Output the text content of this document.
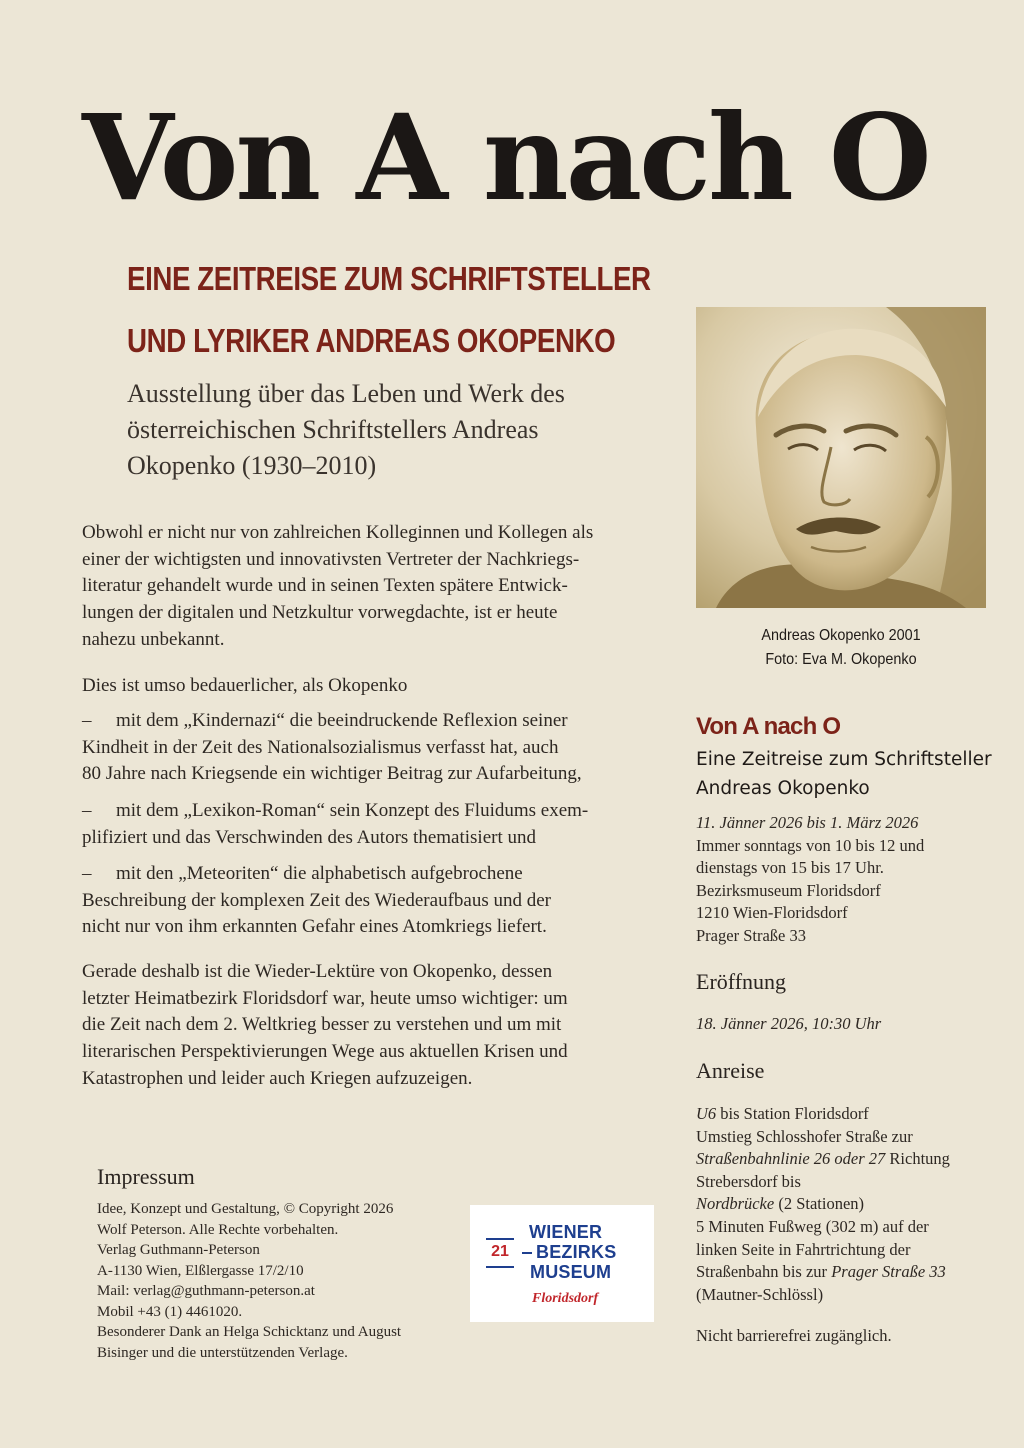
Von A nach O
EINE ZEITREISE ZUM SCHRIFTSTELLER
UND LYRIKER ANDREAS OKOPENKO
Ausstellung über das Leben und Werk des
österreichischen Schriftstellers Andreas
Okopenko (1930–2010)
Obwohl er nicht nur von zahlreichen Kolleginnen und Kollegen als
einer der wichtigsten und innovativsten Vertreter der Nachkriegs-
literatur gehandelt wurde und in seinen Texten spätere Entwick-
lungen der digitalen und Netzkultur vorwegdachte, ist er heute
nahezu unbekannt.
Dies ist umso bedauerlicher, als Okopenko
– mit dem „Kindernazi“ die beeindruckende Reflexion seiner
Kindheit in der Zeit des Nationalsozialismus verfasst hat, auch
80 Jahre nach Kriegsende ein wichtiger Beitrag zur Aufarbeitung,
– mit dem „Lexikon-Roman“ sein Konzept des Fluidums exem-
plifiziert und das Verschwinden des Autors thematisiert und
– mit den „Meteoriten“ die alphabetisch aufgebrochene
Beschreibung der komplexen Zeit des Wiederaufbaus und der
nicht nur von ihm erkannten Gefahr eines Atomkriegs liefert.
Gerade deshalb ist die Wieder-Lektüre von Okopenko, dessen
letzter Heimatbezirk Floridsdorf war, heute umso wichtiger: um
die Zeit nach dem 2. Weltkrieg besser zu verstehen und um mit
literarischen Perspektivierungen Wege aus aktuellen Krisen und
Katastrophen und leider auch Kriegen aufzuzeigen.
Impressum
Idee, Konzept und Gestaltung, © Copyright 2026
Wolf Peterson. Alle Rechte vorbehalten.
Verlag Guthmann-Peterson
A-1130 Wien, Elßlergasse 17/2/10
Mail: verlag@guthmann-peterson.at
Mobil +43 (1) 4461020.
Besonderer Dank an Helga Schicktanz und August
Bisinger und die unterstützenden Verlage.
21
WIENER
BEZIRKS
MUSEUM
Floridsdorf
Andreas Okopenko 2001
Foto: Eva M. Okopenko
Von A nach O
Eine Zeitreise zum Schriftsteller
Andreas Okopenko
11. Jänner 2026 bis 1. März 2026
Immer sonntags von 10 bis 12 und
dienstags von 15 bis 17 Uhr.
Bezirksmuseum Floridsdorf
1210 Wien-Floridsdorf
Prager Straße 33
Eröffnung
18. Jänner 2026, 10:30 Uhr
Anreise
U6 bis Station Floridsdorf
Umstieg Schlosshofer Straße zur
Straßenbahnlinie 26 oder 27 Richtung
Strebersdorf bis
Nordbrücke (2 Stationen)
5 Minuten Fußweg (302 m) auf der
linken Seite in Fahrtrichtung der
Straßenbahn bis zur Prager Straße 33
(Mautner-Schlössl)
Nicht barrierefrei zugänglich.
